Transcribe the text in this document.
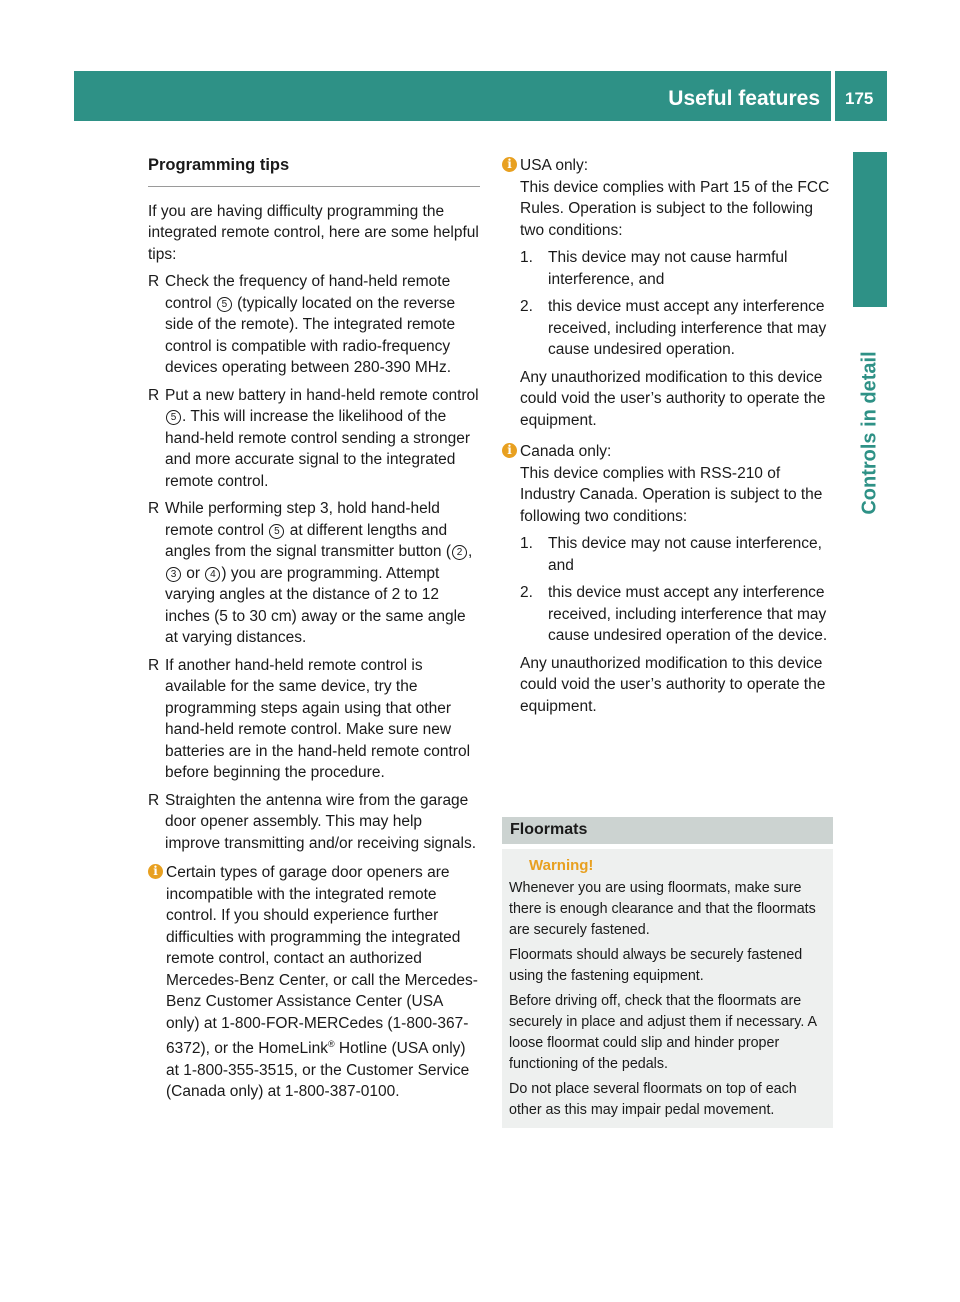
Useful features 175
Controls in detail

Programming tips

If you are having difficulty programming the integrated remote control, here are some helpful tips:

R Check the frequency of hand-held remote control 5 (typically located on the reverse side of the remote). The integrated remote control is compatible with radio-frequency devices operating between 280-390 MHz.

R Put a new battery in hand-held remote control 5 . This will increase the likelihood of the hand-held remote control sending a stronger and more accurate signal to the integrated remote control.

R While performing step 3, hold hand-held remote control 5 at different lengths and angles from the signal transmitter button ( 2 , 3 or 4 ) you are programming. Attempt varying angles at the distance of 2 to 12 inches (5 to 30 cm) away or the same angle at varying distances.

R If another hand-held remote control is available for the same device, try the programming steps again using that other hand-held remote control. Make sure new batteries are in the hand-held remote control before beginning the procedure.

R Straighten the antenna wire from the garage door opener assembly. This may help improve transmitting and/or receiving signals.

i Certain types of garage door openers are incompatible with the integrated remote control. If you should experience further difficulties with programming the integrated remote control, contact an authorized Mercedes-Benz Center, or call the Mercedes-Benz Customer Assistance Center (USA only) at 1-800-FOR-MERCedes (1-800-367-6372), or the HomeLink® Hotline (USA only) at 1-800-355-3515, or the Customer Service (Canada only) at 1-800-387-0100.

i USA only:

This device complies with Part 15 of the FCC Rules. Operation is subject to the following two conditions:

1. This device may not cause harmful interference, and

2. this device must accept any interference received, including interference that may cause undesired operation.

Any unauthorized modification to this device could void the user’s authority to operate the equipment.

i Canada only:

This device complies with RSS-210 of Industry Canada. Operation is subject to the following two conditions:

1. This device may not cause interference, and

2. this device must accept any interference received, including interference that may cause undesired operation of the device.

Any unauthorized modification to this device could void the user’s authority to operate the equipment.

Floormats

Warning!

Whenever you are using floormats, make sure there is enough clearance and that the floormats are securely fastened.

Floormats should always be securely fastened using the fastening equipment.

Before driving off, check that the floormats are securely in place and adjust them if necessary. A loose floormat could slip and hinder proper functioning of the pedals.

Do not place several floormats on top of each other as this may impair pedal movement.
